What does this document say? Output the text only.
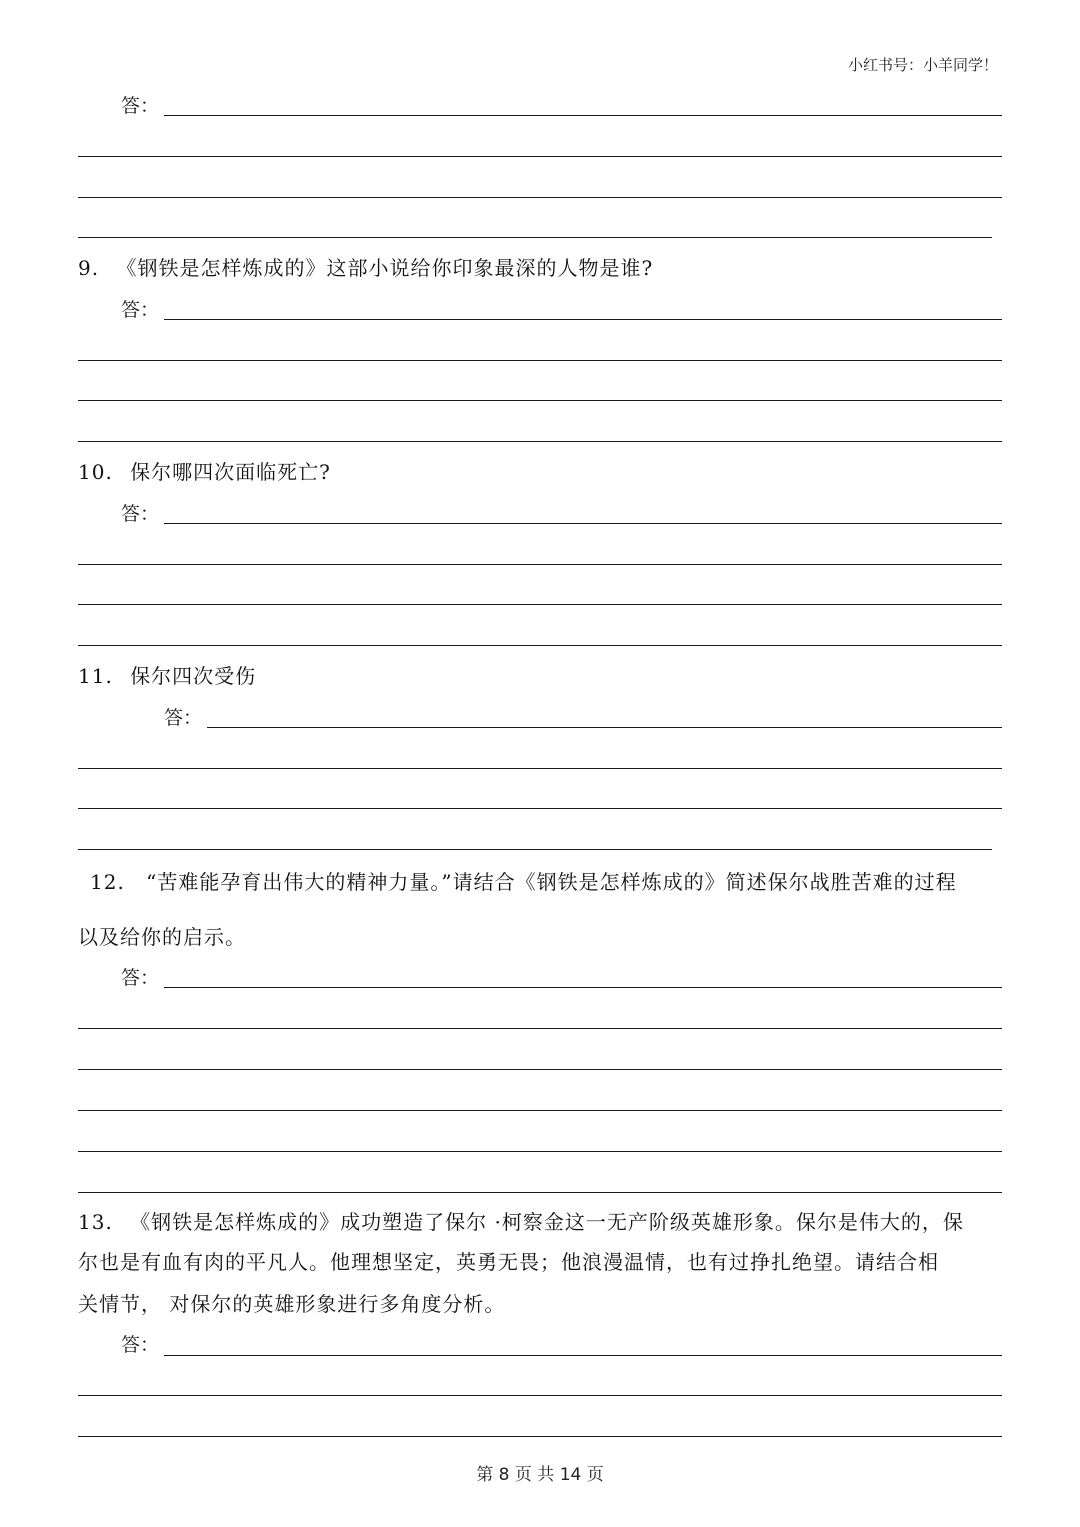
小红书号：小羊同学！
答：
9. 《钢铁是怎样炼成的》这部小说给你印象最深的人物是谁?
答：
10. 保尔哪四次面临死亡?
答：
11. 保尔四次受伤
答：
12. “苦难能孕育出伟大的精神力量。”请结合《钢铁是怎样炼成的》简述保尔战胜苦难的过程
以及给你的启示。
答：
13. 《钢铁是怎样炼成的》成功塑造了保尔 ·柯察金这一无产阶级英雄形象。保尔是伟大的，保
尔也是有血有肉的平凡人。他理想坚定，英勇无畏；他浪漫温情，也有过挣扎绝望。请结合相
关情节， 对保尔的英雄形象进行多角度分析。
答：
第 8 页 共 14 页
